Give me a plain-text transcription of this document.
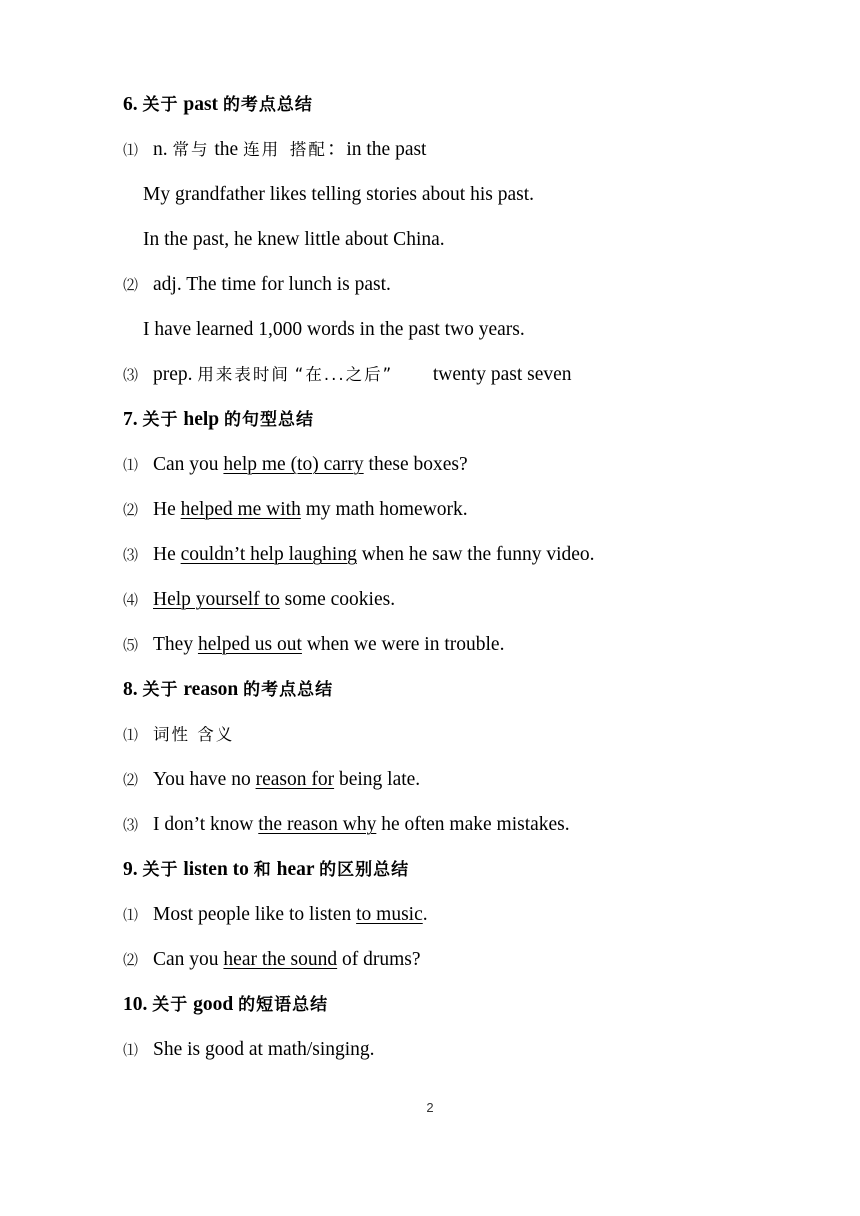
6. 关于 past 的考点总结
⑴ n. 常与 the 连用 搭配：in the past
My grandfather likes telling stories about his past.
In the past, he knew little about China.
⑵ adj. The time for lunch is past.
I have learned 1,000 words in the past two years.
⑶ prep. 用来表时间 “在...之后” twenty past seven
7. 关于 help 的句型总结
⑴ Can you help me (to) carry these boxes?
⑵ He helped me with my math homework.
⑶ He couldn’t help laughing when he saw the funny video.
⑷ Help yourself to some cookies.
⑸ They helped us out when we were in trouble.
8. 关于 reason 的考点总结
⑴ 词性 含义
⑵ You have no reason for being late.
⑶ I don’t know the reason why he often make mistakes.
9. 关于 listen to 和 hear 的区别总结
⑴ Most people like to listen to music.
⑵ Can you hear the sound of drums?
10. 关于 good 的短语总结
⑴ She is good at math/singing.
2
